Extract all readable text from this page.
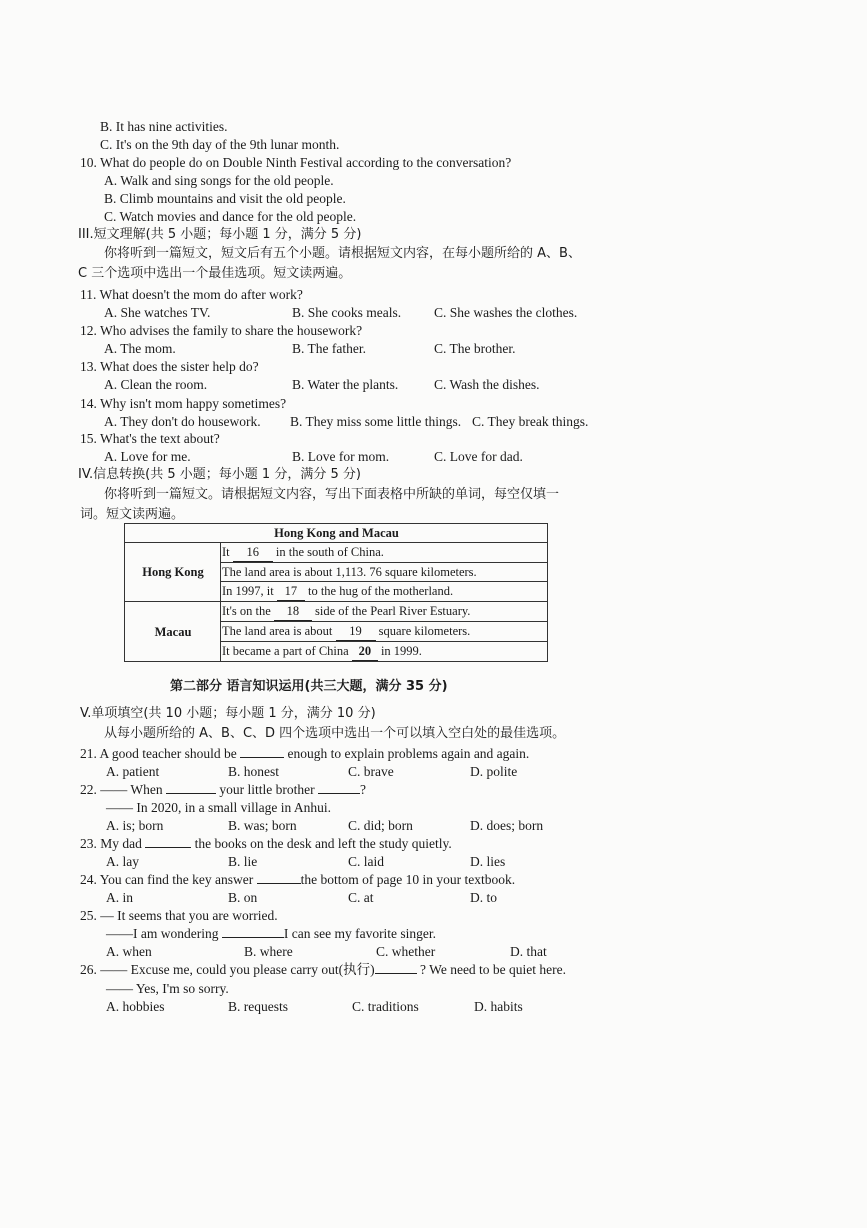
B. It has nine activities.
C. It's on the 9th day of the 9th lunar month.
10. What do people do on Double Ninth Festival according to the conversation?
A. Walk and sing songs for the old people.
B. Climb mountains and visit the old people.
C. Watch movies and dance for the old people.
III.短文理解(共 5 小题；每小题 1 分，满分 5 分)
你将听到一篇短文，短文后有五个小题。请根据短文内容，在每小题所给的 A、B、
C 三个选项中选出一个最佳选项。短文读两遍。
11. What doesn't the mom do after work?
A. She watches TV.	B. She cooks meals. C. She washes the clothes.
12. Who advises the family to share the housework?
A. The mom.	B. The father.	C. The brother.
13. What does the sister help do?
A. Clean the room.	B. Water the plants.	C. Wash the dishes.
14. Why isn't mom happy sometimes?
A. They don't do housework. B. They miss some little things. C. They break things.
15. What's the text about?
A. Love for me.	B. Love for mom.	C. Love for dad.
IV.信息转换(共 5 小题；每小题 1 分，满分 5 分)
你将听到一篇短文。请根据短文内容，写出下面表格中所缺的单词，每空仅填一
词。短文读两遍。
Hong Kong and Macau	
Hong Kong	It 16 in the south of China.
	The land area is about 1,113. 76 square kilometers.
	In 1997, it 17 to the hug of the motherland.
Macau	It's on the 18 side of the Pearl River Estuary.
	The land area is about 19 square kilometers.
	It became a part of China 20 in 1999.
第二部分 语言知识运用(共三大题，满分 35 分)
V.单项填空(共 10 小题；每小题 1 分，满分 10 分)
从每小题所给的 A、B、C、D 四个选项中选出一个可以填入空白处的最佳选项。
21. A good teacher should be	enough to explain problems again and again.
A. patient	B. honest	C. brave	D. polite
22. —— When	your little brother	?
—— In 2020, in a small village in Anhui.
A. is; born	B. was; born	C. did; born	D. does; born
23. My dad	the books on the desk and left the study quietly.
A. lay	B. lie	C. laid	D. lies
24. You can find the key answer	the bottom of page 10 in your textbook.
A. in	B. on	C. at	D. to
25. — It seems that you are worried.
——I am wondering	I can see my favorite singer.
A. when	B. where	C. whether	D. that
26. —— Excuse me, could you please carry out(执行)	? We need to be quiet here.
—— Yes, I'm so sorry.
A. hobbies	B. requests	C. traditions	D. habits
